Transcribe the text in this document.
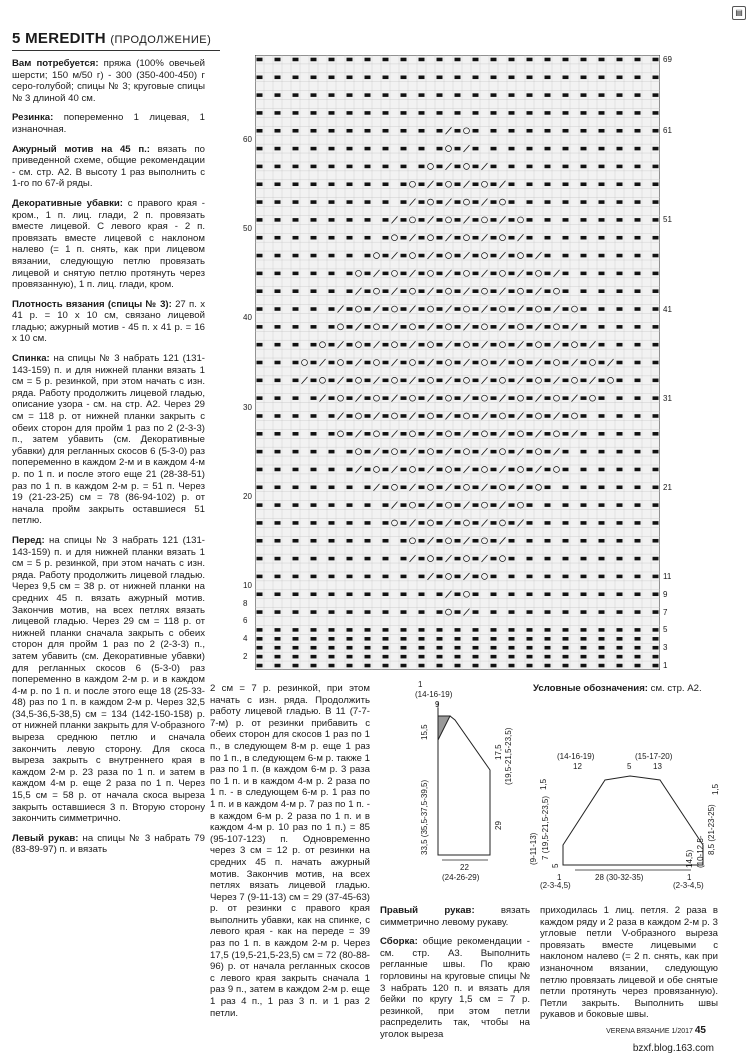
5 MEREDITH (ПРОДОЛЖЕНИЕ)

Вам потребуется: пряжа (100% овечьей шерсти; 150 м/50 г) - 300 (350-400-450) г серо-голубой; спицы № 3; круговые спицы № 3 длиной 40 см.

Резинка: попеременно 1 лицевая, 1 изнаночная.

Ажурный мотив на 45 п.: вязать по приведенной схеме, общие рекомендации - см. стр. А2. В высоту 1 раз выполнить с 1-го по 67-й ряды.

Декоративные убавки: с правого края - кром., 1 п. лиц. глади, 2 п. провязать вместе лицевой. С левого края - 2 п. провязать вместе лицевой с наклоном налево (= 1 п. снять, как при лицевом вязании, следующую петлю провязать лицевой и снятую петлю протянуть через провязанную), 1 п. лиц. глади, кром.

Плотность вязания (спицы № 3): 27 п. х 41 р. = 10 х 10 см, связано лицевой гладью; ажурный мотив - 45 п. х 41 р. = 16 х 10 см.

Спинка: на спицы № 3 набрать 121 (131-143-159) п. и для нижней планки вязать 1 см = 5 р. резинкой, при этом начать с изн. ряда. Работу продолжить лицевой гладью, описание узора - см. на стр. А2. Через 29 см = 118 р. от нижней планки закрыть с обеих сторон для пройм 1 раз по 2 (2-3-3) п., затем убавить (см. Декоративные убавки) для регланных скосов 6 (5-3-0) раз попеременно в каждом 2-м и в каждом 4-м р. по 1 п. и после этого еще 21 (28-38-51) раз по 1 п. в каждом 2-м р. = 51 п. Через 19 (21-23-25) см = 78 (86-94-102) р. от начала пройм закрыть оставшиеся 51 петлю.

Перед: на спицы № 3 набрать 121 (131-143-159) п. и для нижней планки вязать 1 см = 5 р. резинкой, при этом начать с изн. ряда. Работу продолжить лицевой гладью. Через 9,5 см = 38 р. от нижней планки на средних 45 п. вязать ажурный мотив. Закончив мотив, на всех петлях вязать лицевой гладью. Через 29 см = 118 р. от нижней планки сначала закрыть с обеих сторон для пройм 1 раз по 2 (2-3-3) п., затем убавить (см. Декоративные убавки) для регланных скосов 6 (5-3-0) раз попеременно в каждом 2-м р. и в каждом 4-м р. по 1 п. и после этого еще 18 (25-33-48) раз по 1 п. в каждом 2-м р. Через 32,5 (34,5-36,5-38,5) см = 134 (142-150-158) р. от нижней планки закрыть для V-образного выреза среднюю петлю и сначала закончить левую сторону. Для скоса выреза закрыть с внутреннего края в каждом 2-м р. 23 раза по 1 п. и затем в каждом 4-м р. еще 2 раза по 1 п. Через 15,5 см = 58 р. от начала скоса выреза закрыть оставшиеся 3 п. Вторую сторону закончить симметрично.

Левый рукав: на спицы № 3 набрать 79 (83-89-97) п. и вязать

60
50
40
30
20
10
8
6
4
2
69
61
51
41
31
21
11
9
7
5
3
1

2 см = 7 р. резинкой, при этом начать с изн. ряда. Продолжить работу лицевой гладью. В 11 (7-7-7-м) р. от резинки прибавить с обеих сторон для скосов 1 раз по 1 п., в следующем 8-м р. еще 1 раз по 1 п., в следующем 6-м р. также 1 раз по 1 п. (в каждом 6-м р. 3 раза по 1 п. и в каждом 4-м р. 2 раза по 1 п. - в следующем 6-м р. 1 раз по 1 п. и в каждом 4-м р. 7 раз по 1 п. - в каждом 6-м р. 2 раза по 1 п. и в каждом 4-м р. 10 раз по 1 п.) = 85 (95-107-123) п. Одновременно через 3 см = 12 р. от резинки на средних 45 п. начать ажурный мотив. Закончив мотив, на всех петлях вязать лицевой гладью. Через 7 (9-11-13) см = 29 (37-45-63) р. от резинки с правого края выполнить убавки, как на спинке, с левого края - как на переде = 39 раз по 1 п. в каждом 2-м р. Через 17,5 (19,5-21,5-23,5) см = 72 (80-88-96) р. от начала регланных скосов с левого края закрыть сначала 1 раз 9 п., затем в каждом 2-м р. еще 1 раз 4 п., 1 раз 3 п. и 1 раз 2 петли.

Условные обозначения: см. стр. А2.
1
(14-16-19)
9
17,5 (19,5-21,5-23,5)
15,5
33,5 (35,5-37,5-39,5)	29
22
(24-26-29)
(14-16-19)	(15-17-20)
12	5	13
1,5
(9-11-13) 7 (19,5-21,5-23,5)
5
8,5 (21-23-25)
(10-12,5-
14,5)
1,5
1
(2-3-4,5)
28 (30-32-35)	1
(2-3-4,5)

Правый рукав: вязать симметрично левому рукаву.

Сборка: общие рекомендации - см. стр. А3. Выполнить регланные швы. По краю горловины на круговые спицы № 3 набрать 120 п. и вязать для бейки по кругу 1,5 см = 7 р. резинкой, при этом петли распределить так, чтобы на уголок выреза

приходилась 1 лиц. петля. 2 раза в каждом ряду и 2 раза в каждом 2-м р. 3 угловые петли V-образного выреза провязать вместе лицевыми с наклоном налево (= 2 п. снять, как при изнаночном вязании, следующую петлю провязать лицевой и обе снятые петли протянуть через провязанную). Петли закрыть. Выполнить швы рукавов и боковые швы.

VERENA ВЯЗАНИЕ 1/2017 45
bzxf.blog.163.com
▤
